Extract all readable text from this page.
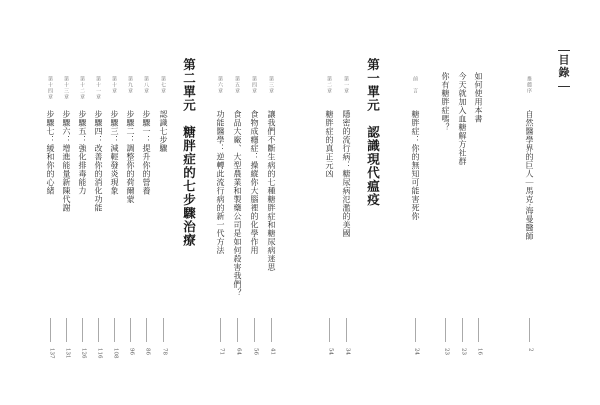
目錄
推薦序
自然醫學界的巨人｜馬克‧海曼醫師
2
如何使用本書
16
今天就加入血糖解方社群
23
你有糖胖症嗎？
23
前　言
糖胖症：你的無知可能害死你
24
第一單元　認識現代瘟疫
第一章
隱密的流行病：糖尿病氾濫的美國
34
第二章
糖胖症的真正元凶
54
第三章
讓我們不斷生病的七種糖胖症和糖尿病迷思
41
第四章
食物成癮症：操縱你大腦裡的化學作用
56
第五章
食品大廠、大型農業和製藥公司是如何殺害我們？
64
第六章
功能醫學：逆轉此流行病的新一代方法
71
第二單元　糖胖症的七步驟治療
第七章
認識七步驟
78
第八章
步驟一：提升你的營養
86
第九章
步驟二：調整你的荷爾蒙
96
第十章
步驟三：減輕發炎現象
108
第十一章
步驟四：改善你的消化功能
116
第十二章
步驟五：強化排毒能力
126
第十三章
步驟六：增進能量新陳代謝
131
第十四章
步驟七：緩和你的心緒
137
